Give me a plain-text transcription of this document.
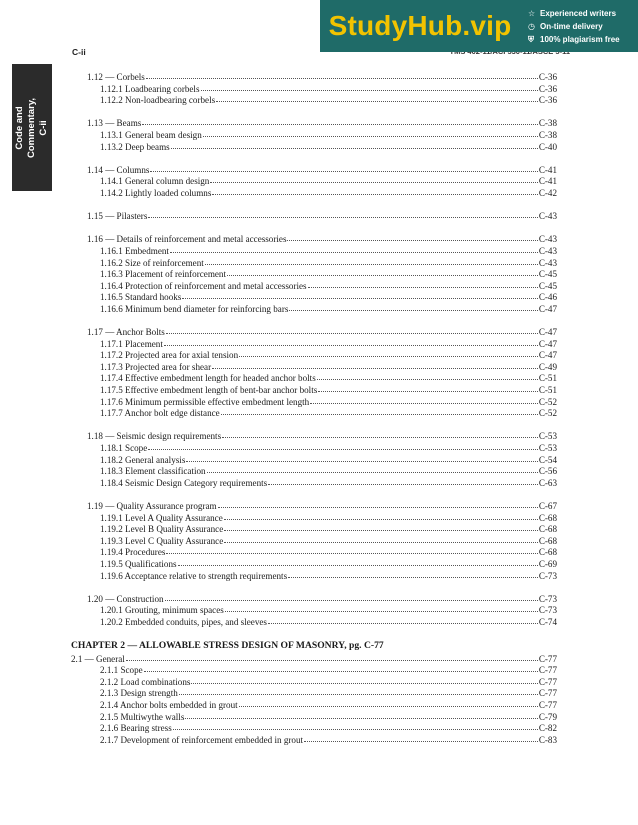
C-ii
Code and
Commentary, C-ii
StudyHub.vip	☆ Experienced writers
◷ On-time delivery
⛨ 100% plagiarism free
1.12 — Corbels	C-36
1.12.1 Loadbearing corbels	C-36
1.12.2 Non-loadbearing corbels	C-36
1.13 — Beams	C-38
1.13.1 General beam design	C-38
1.13.2 Deep beams	C-40
1.14 — Columns	C-41
1.14.1 General column design	C-41
1.14.2 Lightly loaded columns	C-42
1.15 — Pilasters	C-43
1.16 — Details of reinforcement and metal accessories	C-43
1.16.1 Embedment	C-43
1.16.2 Size of reinforcement	C-43
1.16.3 Placement of reinforcement	C-45
1.16.4 Protection of reinforcement and metal accessories	C-45
1.16.5 Standard hooks	C-46
1.16.6 Minimum bend diameter for reinforcing bars	C-47
1.17 — Anchor Bolts	C-47
1.17.1 Placement	C-47
1.17.2 Projected area for axial tension	C-47
1.17.3 Projected area for shear	C-49
1.17.4 Effective embedment length for headed anchor bolts	C-51
1.17.5 Effective embedment length of bent-bar anchor bolts	C-51
1.17.6 Minimum permissible effective embedment length	C-52
1.17.7 Anchor bolt edge distance	C-52
1.18 — Seismic design requirements	C-53
1.18.1 Scope	C-53
1.18.2 General analysis	C-54
1.18.3 Element classification	C-56
1.18.4 Seismic Design Category requirements	C-63
1.19 — Quality Assurance program	C-67
1.19.1 Level A Quality Assurance	C-68
1.19.2 Level B Quality Assurance	C-68
1.19.3 Level C Quality Assurance	C-68
1.19.4 Procedures	C-68
1.19.5 Qualifications	C-69
1.19.6 Acceptance relative to strength requirements	C-73
1.20 — Construction	C-73
1.20.1 Grouting, minimum spaces	C-73
1.20.2 Embedded conduits, pipes, and sleeves	C-74
CHAPTER 2 — ALLOWABLE STRESS DESIGN OF MASONRY, pg. C-77
2.1 — General	C-77
2.1.1 Scope	C-77
2.1.2 Load combinations	C-77
2.1.3 Design strength	C-77
2.1.4 Anchor bolts embedded in grout	C-77
2.1.5 Multiwythe walls	C-79
2.1.6 Bearing stress	C-82
2.1.7 Development of reinforcement embedded in grout	C-83
